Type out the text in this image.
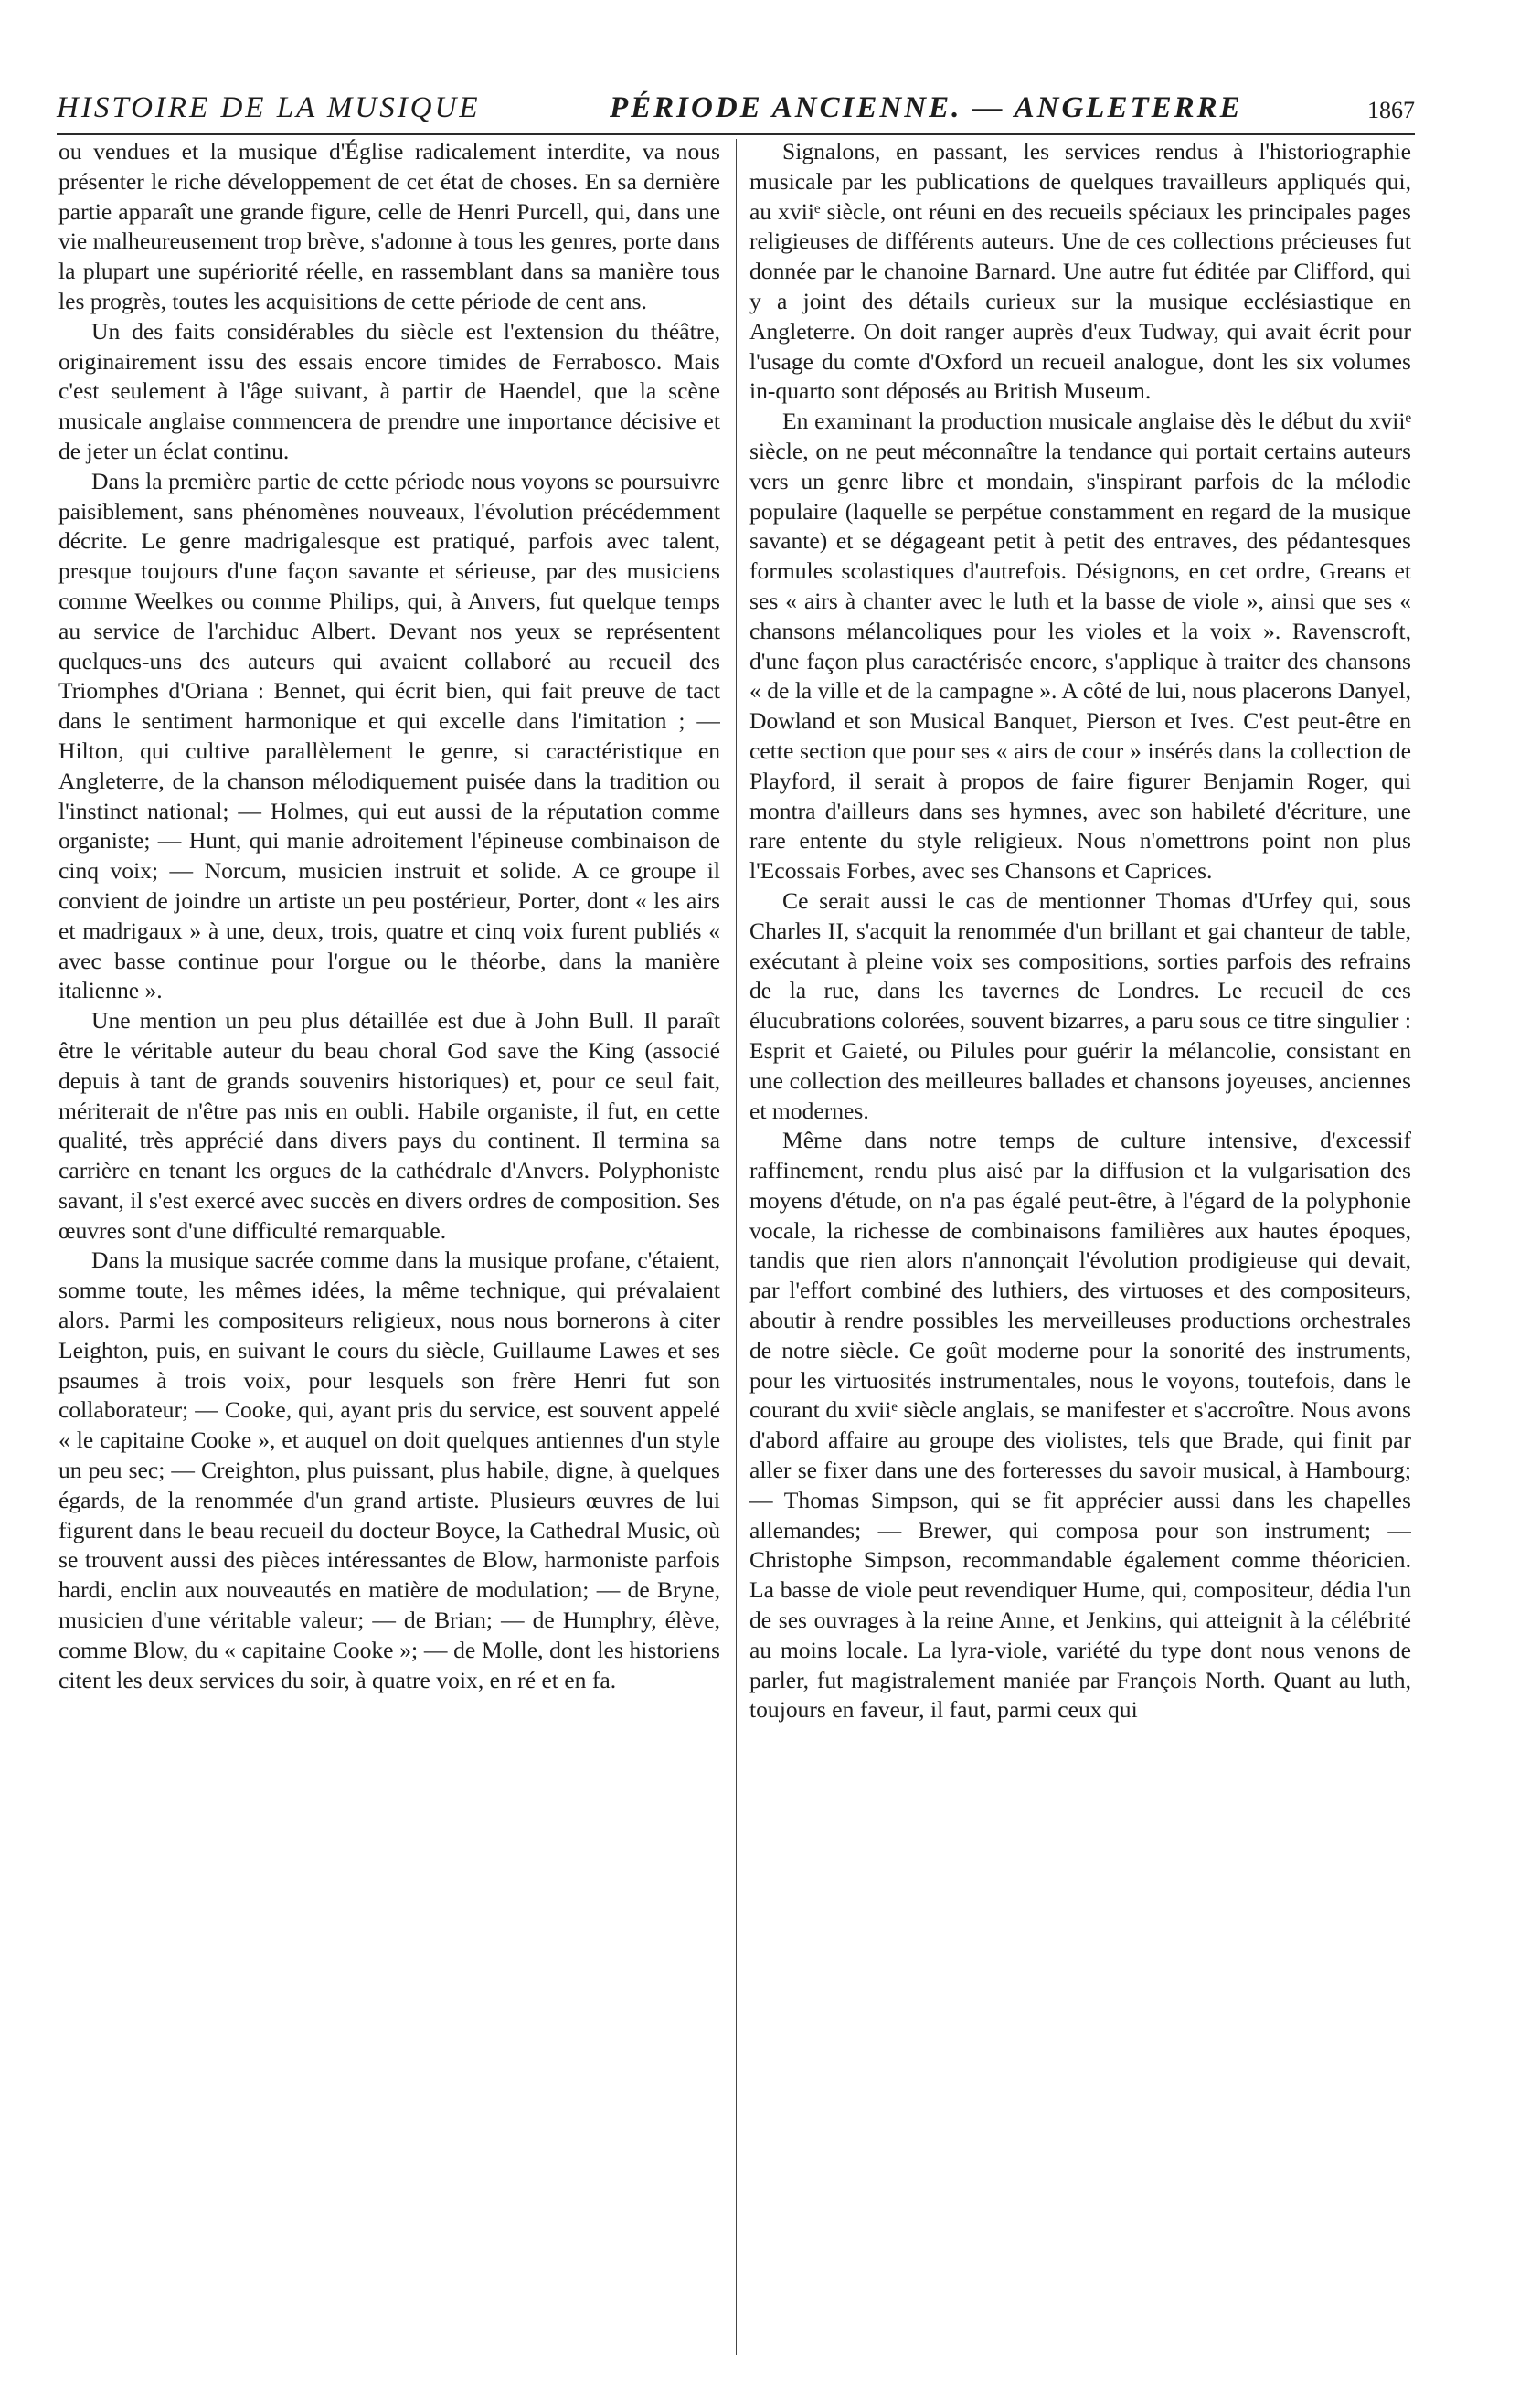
HISTOIRE DE LA MUSIQUE	PÉRIODE ANCIENNE. — ANGLETERRE	1867

ou vendues et la musique d'Église radicalement interdite, va nous présenter le riche développement de cet état de choses. En sa dernière partie apparaît une grande figure, celle de Henri Purcell, qui, dans une vie malheureusement trop brève, s'adonne à tous les genres, porte dans la plupart une supériorité réelle, en rassemblant dans sa manière tous les progrès, toutes les acquisitions de cette période de cent ans.

Un des faits considérables du siècle est l'extension du théâtre, originairement issu des essais encore timides de Ferrabosco. Mais c'est seulement à l'âge suivant, à partir de Haendel, que la scène musicale anglaise commencera de prendre une importance décisive et de jeter un éclat continu.

Dans la première partie de cette période nous voyons se poursuivre paisiblement, sans phénomènes nouveaux, l'évolution précédemment décrite. Le genre madrigalesque est pratiqué, parfois avec talent, presque toujours d'une façon savante et sérieuse, par des musiciens comme Weelkes ou comme Philips, qui, à Anvers, fut quelque temps au service de l'archiduc Albert. Devant nos yeux se représentent quelques-uns des auteurs qui avaient collaboré au recueil des Triomphes d'Oriana : Bennet, qui écrit bien, qui fait preuve de tact dans le sentiment harmonique et qui excelle dans l'imitation ; — Hilton, qui cultive parallèlement le genre, si caractéristique en Angleterre, de la chanson mélodiquement puisée dans la tradition ou l'instinct national; — Holmes, qui eut aussi de la réputation comme organiste; — Hunt, qui manie adroitement l'épineuse combinaison de cinq voix; — Norcum, musicien instruit et solide. A ce groupe il convient de joindre un artiste un peu postérieur, Porter, dont « les airs et madrigaux » à une, deux, trois, quatre et cinq voix furent publiés « avec basse continue pour l'orgue ou le théorbe, dans la manière italienne ».

Une mention un peu plus détaillée est due à John Bull. Il paraît être le véritable auteur du beau choral God save the King (associé depuis à tant de grands souvenirs historiques) et, pour ce seul fait, mériterait de n'être pas mis en oubli. Habile organiste, il fut, en cette qualité, très apprécié dans divers pays du continent. Il termina sa carrière en tenant les orgues de la cathédrale d'Anvers. Polyphoniste savant, il s'est exercé avec succès en divers ordres de composition. Ses œuvres sont d'une difficulté remarquable.

Dans la musique sacrée comme dans la musique profane, c'étaient, somme toute, les mêmes idées, la même technique, qui prévalaient alors. Parmi les compositeurs religieux, nous nous bornerons à citer Leighton, puis, en suivant le cours du siècle, Guillaume Lawes et ses psaumes à trois voix, pour lesquels son frère Henri fut son collaborateur; — Cooke, qui, ayant pris du service, est souvent appelé « le capitaine Cooke », et auquel on doit quelques antiennes d'un style un peu sec; — Creighton, plus puissant, plus habile, digne, à quelques égards, de la renommée d'un grand artiste. Plusieurs œuvres de lui figurent dans le beau recueil du docteur Boyce, la Cathedral Music, où se trouvent aussi des pièces intéressantes de Blow, harmoniste parfois hardi, enclin aux nouveautés en matière de modulation; — de Bryne, musicien d'une véritable valeur; — de Brian; — de Humphry, élève, comme Blow, du « capitaine Cooke »; — de Molle, dont les historiens citent les deux services du soir, à quatre voix, en ré et en fa.

Signalons, en passant, les services rendus à l'historiographie musicale par les publications de quelques travailleurs appliqués qui, au xviiᵉ siècle, ont réuni en des recueils spéciaux les principales pages religieuses de différents auteurs. Une de ces collections précieuses fut donnée par le chanoine Barnard. Une autre fut éditée par Clifford, qui y a joint des détails curieux sur la musique ecclésiastique en Angleterre. On doit ranger auprès d'eux Tudway, qui avait écrit pour l'usage du comte d'Oxford un recueil analogue, dont les six volumes in-quarto sont déposés au British Museum.

En examinant la production musicale anglaise dès le début du xviiᵉ siècle, on ne peut méconnaître la tendance qui portait certains auteurs vers un genre libre et mondain, s'inspirant parfois de la mélodie populaire (laquelle se perpétue constamment en regard de la musique savante) et se dégageant petit à petit des entraves, des pédantesques formules scolastiques d'autrefois. Désignons, en cet ordre, Greans et ses « airs à chanter avec le luth et la basse de viole », ainsi que ses « chansons mélancoliques pour les violes et la voix ». Ravenscroft, d'une façon plus caractérisée encore, s'applique à traiter des chansons « de la ville et de la campagne ». A côté de lui, nous placerons Danyel, Dowland et son Musical Banquet, Pierson et Ives. C'est peut-être en cette section que pour ses « airs de cour » insérés dans la collection de Playford, il serait à propos de faire figurer Benjamin Roger, qui montra d'ailleurs dans ses hymnes, avec son habileté d'écriture, une rare entente du style religieux. Nous n'omettrons point non plus l'Ecossais Forbes, avec ses Chansons et Caprices.

Ce serait aussi le cas de mentionner Thomas d'Urfey qui, sous Charles II, s'acquit la renommée d'un brillant et gai chanteur de table, exécutant à pleine voix ses compositions, sorties parfois des refrains de la rue, dans les tavernes de Londres. Le recueil de ces élucubrations colorées, souvent bizarres, a paru sous ce titre singulier : Esprit et Gaieté, ou Pilules pour guérir la mélancolie, consistant en une collection des meilleures ballades et chansons joyeuses, anciennes et modernes.

Même dans notre temps de culture intensive, d'excessif raffinement, rendu plus aisé par la diffusion et la vulgarisation des moyens d'étude, on n'a pas égalé peut-être, à l'égard de la polyphonie vocale, la richesse de combinaisons familières aux hautes époques, tandis que rien alors n'annonçait l'évolution prodigieuse qui devait, par l'effort combiné des luthiers, des virtuoses et des compositeurs, aboutir à rendre possibles les merveilleuses productions orchestrales de notre siècle. Ce goût moderne pour la sonorité des instruments, pour les virtuosités instrumentales, nous le voyons, toutefois, dans le courant du xviiᵉ siècle anglais, se manifester et s'accroître. Nous avons d'abord affaire au groupe des violistes, tels que Brade, qui finit par aller se fixer dans une des forteresses du savoir musical, à Hambourg; — Thomas Simpson, qui se fit apprécier aussi dans les chapelles allemandes; — Brewer, qui composa pour son instrument; — Christophe Simpson, recommandable également comme théoricien. La basse de viole peut revendiquer Hume, qui, compositeur, dédia l'un de ses ouvrages à la reine Anne, et Jenkins, qui atteignit à la célébrité au moins locale. La lyra-viole, variété du type dont nous venons de parler, fut magistralement maniée par François North. Quant au luth, toujours en faveur, il faut, parmi ceux qui
